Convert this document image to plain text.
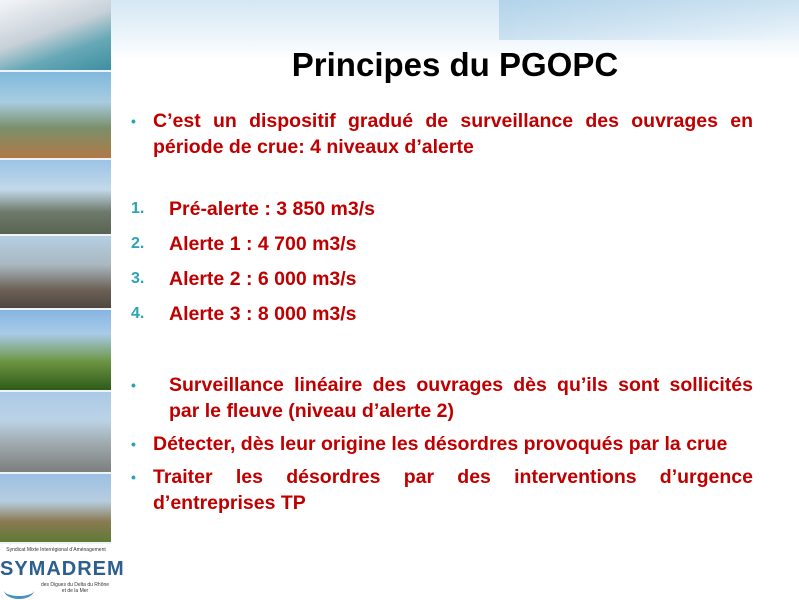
Syndicat Mixte Interrégional d’Aménagement
SYMADREM
des Digues du Delta du Rhône et de la Mer
Principes du PGOPC
• C’est un dispositif gradué de surveillance des ouvrages en période de crue: 4 niveaux d’alerte
1. Pré-alerte : 3 850 m3/s
2. Alerte 1 : 4 700 m3/s
3. Alerte 2 : 6 000 m3/s
4. Alerte 3 : 8 000 m3/s
• Surveillance linéaire des ouvrages dès qu’ils sont sollicités par le fleuve (niveau d’alerte 2)
• Détecter, dès leur origine les désordres provoqués par la crue
• Traiter les désordres par des interventions d’urgence d’entreprises TP
